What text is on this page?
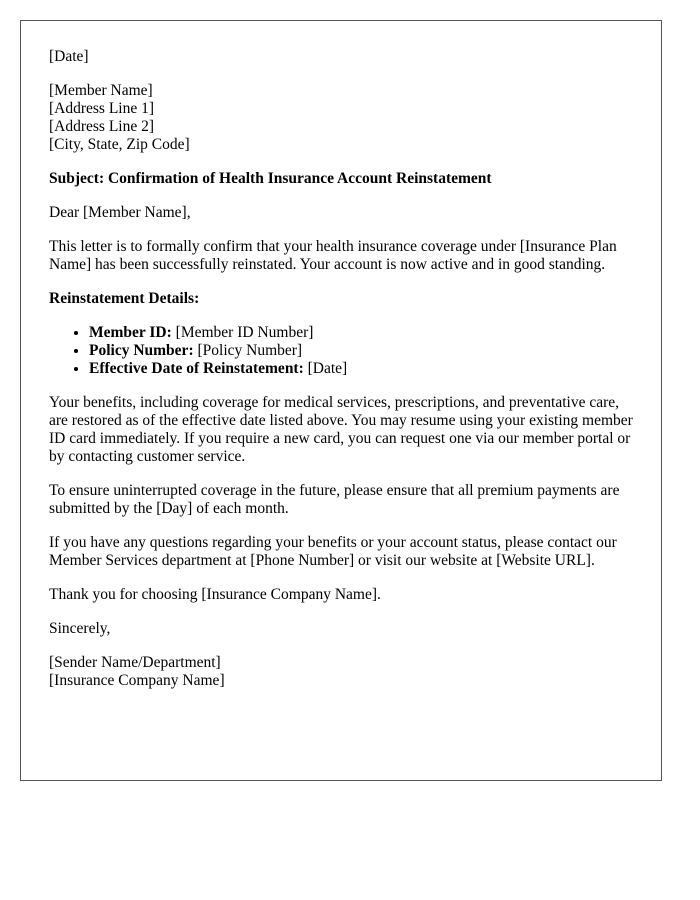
[Date]

[Member Name]
[Address Line 1]
[Address Line 2]
[City, State, Zip Code]

Subject: Confirmation of Health Insurance Account Reinstatement

Dear [Member Name],

This letter is to formally confirm that your health insurance coverage under [Insurance Plan Name] has been successfully reinstated. Your account is now active and in good standing.

Reinstatement Details:

• Member ID: [Member ID Number]
• Policy Number: [Policy Number]
• Effective Date of Reinstatement: [Date]

Your benefits, including coverage for medical services, prescriptions, and preventative care, are restored as of the effective date listed above. You may resume using your existing member ID card immediately. If you require a new card, you can request one via our member portal or by contacting customer service.

To ensure uninterrupted coverage in the future, please ensure that all premium payments are submitted by the [Day] of each month.

If you have any questions regarding your benefits or your account status, please contact our Member Services department at [Phone Number] or visit our website at [Website URL].

Thank you for choosing [Insurance Company Name].

Sincerely,

[Sender Name/Department]
[Insurance Company Name]
